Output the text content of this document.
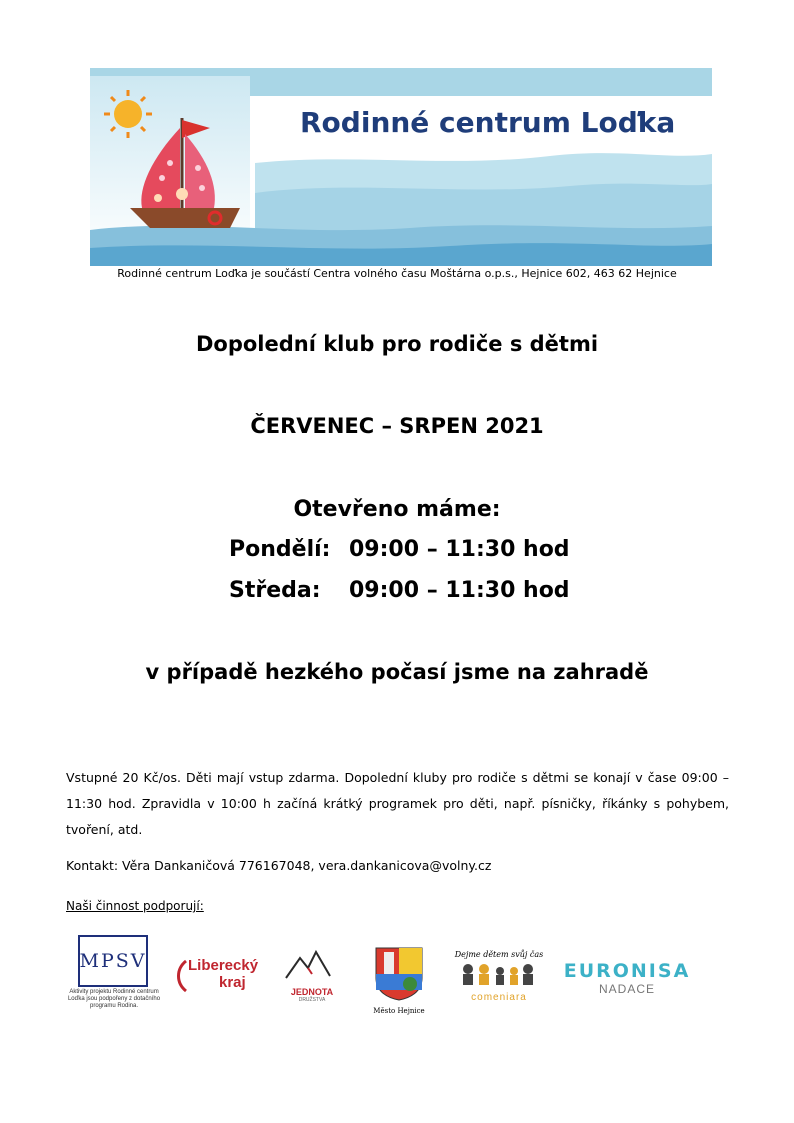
Rodinné centrum Loďka
Rodinné centrum Loďka je součástí Centra volného času Moštárna o.p.s., Hejnice 602, 463 62 Hejnice
Dopolední klub pro rodiče s dětmi
ČERVENEC – SRPEN 2021
Otevřeno máme:
Pondělí: 09:00 – 11:30 hod
Středa: 09:00 – 11:30 hod
v případě hezkého počasí jsme na zahradě
Vstupné 20 Kč/os. Děti mají vstup zdarma. Dopolední kluby pro rodiče s dětmi se konají v čase 09:00 – 11:30 hod. Zpravidla v 10:00 h začíná krátký programek pro děti, např. písničky, říkánky s pohybem, tvoření, atd.
Kontakt: Věra Dankaničová 776167048, vera.dankanicova@volny.cz
Naši činnost podporují:
MPSV
Aktivity projektu Rodinné centrum Loďka jsou podpořeny z dotačního programu Rodina.
Liberecký
kraj
JEDNOTA
DRUŽSTVA
Město Hejnice
Dejme dětem svůj čas
comeniara
EURONISA
NADACE
